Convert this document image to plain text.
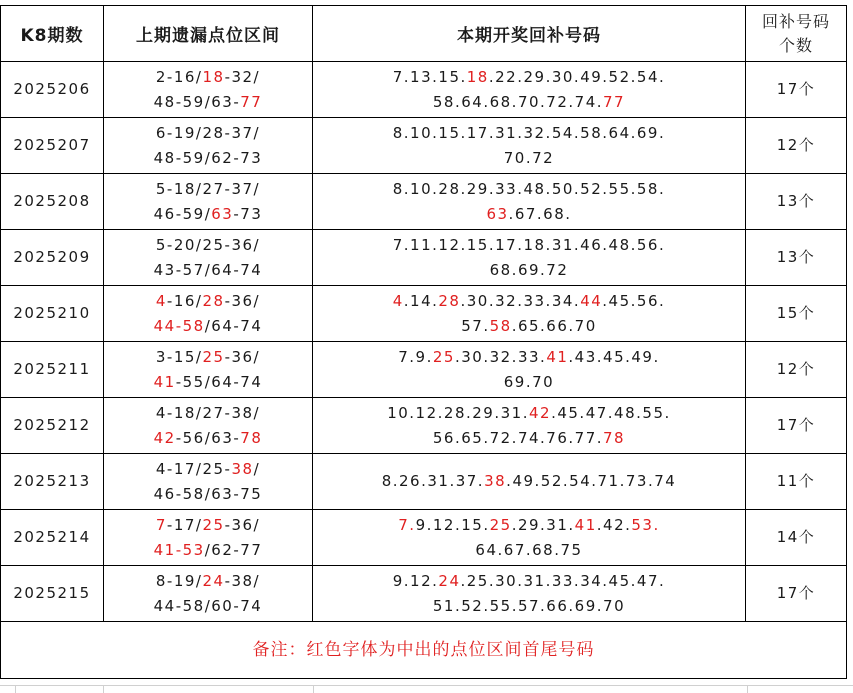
K8期数	上期遗漏点位区间	本期开奖回补号码	回补号码
个数
2025206	2-16/18-32/
48-59/63-77	7.13.15.18.22.29.30.49.52.54.
58.64.68.70.72.74.77	17个
2025207	6-19/28-37/
48-59/62-73	8.10.15.17.31.32.54.58.64.69.
70.72	12个
2025208	5-18/27-37/
46-59/63-73	8.10.28.29.33.48.50.52.55.58.
63.67.68.	13个
2025209	5-20/25-36/
43-57/64-74	7.11.12.15.17.18.31.46.48.56.
68.69.72	13个
2025210	4-16/28-36/
44-58/64-74	4.14.28.30.32.33.34.44.45.56.
57.58.65.66.70	15个
2025211	3-15/25-36/
41-55/64-74	7.9.25.30.32.33.41.43.45.49.
69.70	12个
2025212	4-18/27-38/
42-56/63-78	10.12.28.29.31.42.45.47.48.55.
56.65.72.74.76.77.78	17个
2025213	4-17/25-38/
46-58/63-75	8.26.31.37.38.49.52.54.71.73.74	11个
2025214	7-17/25-36/
41-53/62-77	7.9.12.15.25.29.31.41.42.53.
64.67.68.75	14个
2025215	8-19/24-38/
44-58/60-74	9.12.24.25.30.31.33.34.45.47.
51.52.55.57.66.69.70	17个
备注：红色字体为中出的点位区间首尾号码			
